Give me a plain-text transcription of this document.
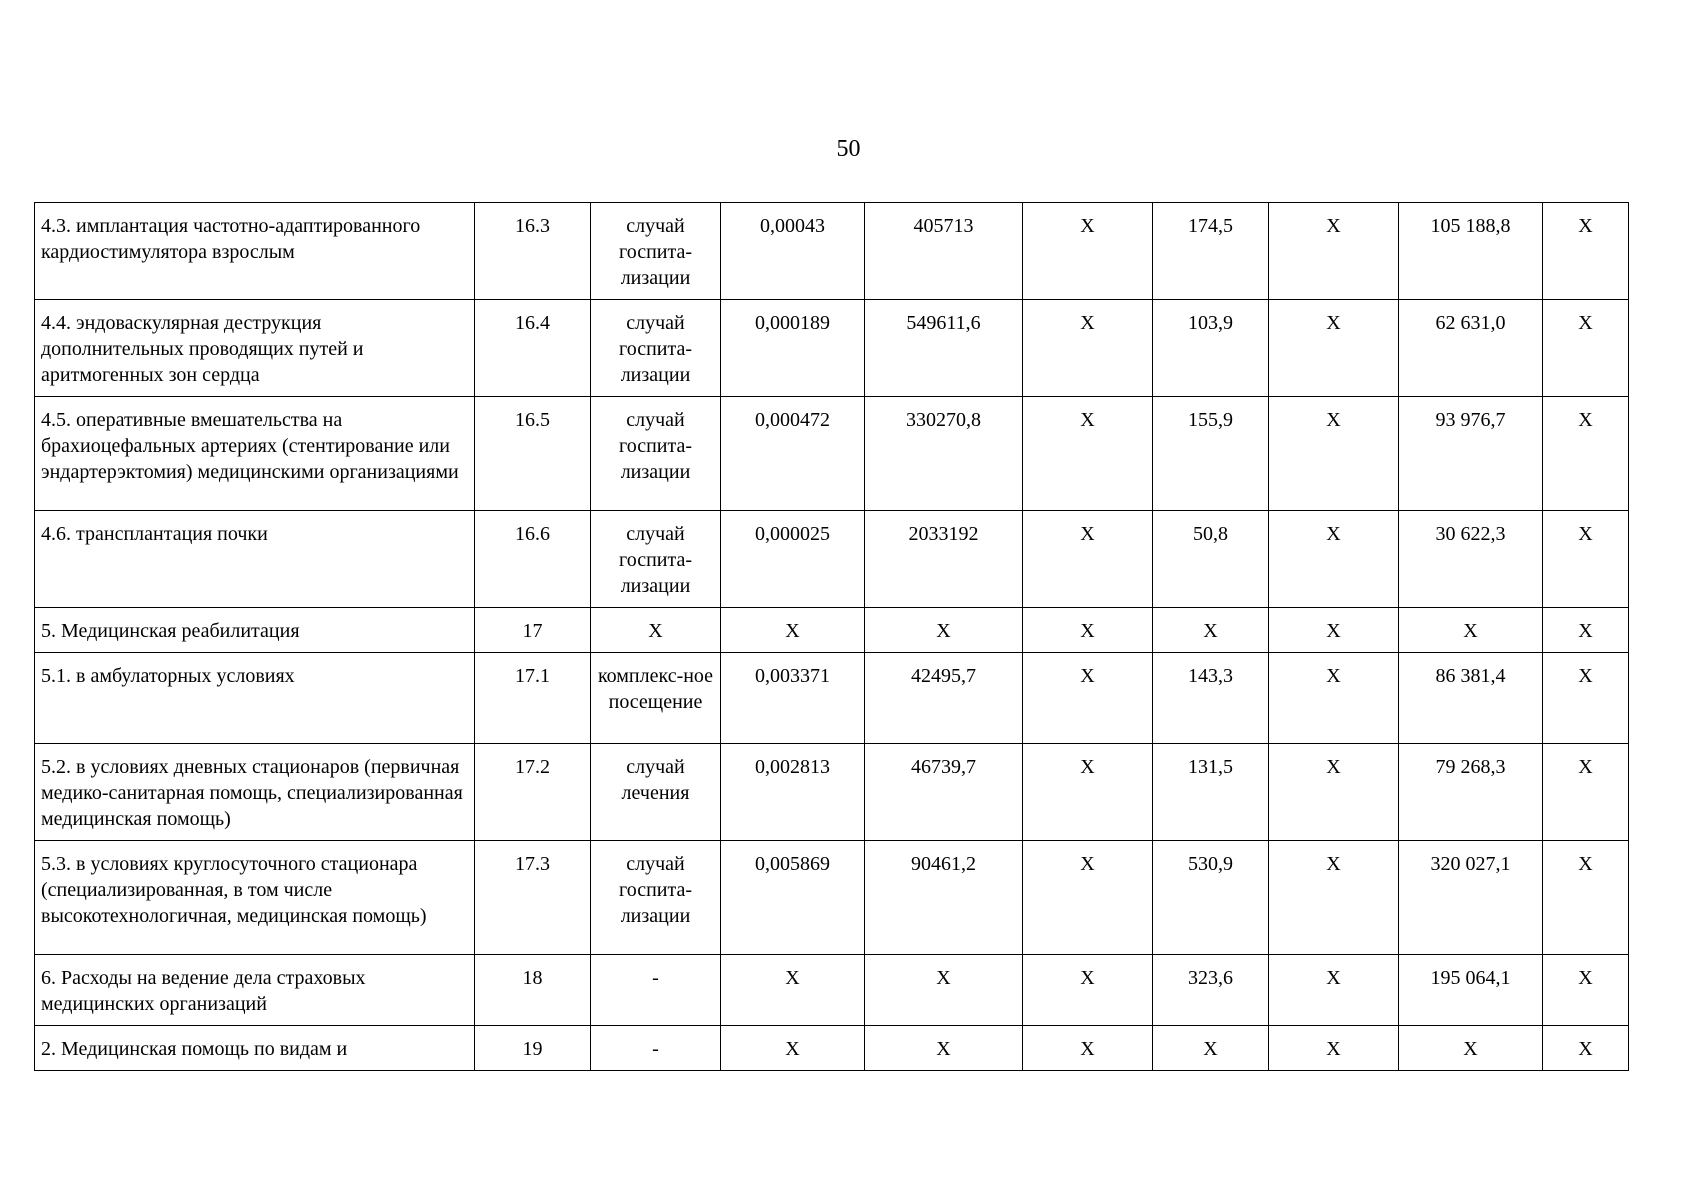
50
4.3. имплантация частотно-адаптированного кардиостимулятора взрослым	16.3	случай госпита-лизации	0,00043	405713	X	174,5	X	105 188,8	X
4.4. эндоваскулярная деструкция дополнительных проводящих путей и аритмогенных зон сердца	16.4	случай госпита-лизации	0,000189	549611,6	X	103,9	X	62 631,0	X
4.5. оперативные вмешательства на брахиоцефальных артериях (стентирование или эндартерэктомия) медицинскими организациями	16.5	случай госпита-лизации	0,000472	330270,8	X	155,9	X	93 976,7	X
4.6. трансплантация почки	16.6	случай госпита-лизации	0,000025	2033192	X	50,8	X	30 622,3	X
5. Медицинская реабилитация	17	X	X	X	X	X	X	X	X
5.1. в амбулаторных условиях	17.1	комплекс-ное посещение	0,003371	42495,7	X	143,3	X	86 381,4	X
5.2. в условиях дневных стационаров (первичная медико-санитарная помощь, специализированная медицинская помощь)	17.2	случай лечения	0,002813	46739,7	X	131,5	X	79 268,3	X
5.3. в условиях круглосуточного стационара (специализированная, в том числе высокотехнологичная, медицинская помощь)	17.3	случай госпита-лизации	0,005869	90461,2	X	530,9	X	320 027,1	X
6. Расходы на ведение дела страховых медицинских организаций	18	-	X	X	X	323,6	X	195 064,1	X
2. Медицинская помощь по видам и	19	-	X	X	X	X	X	X	X
